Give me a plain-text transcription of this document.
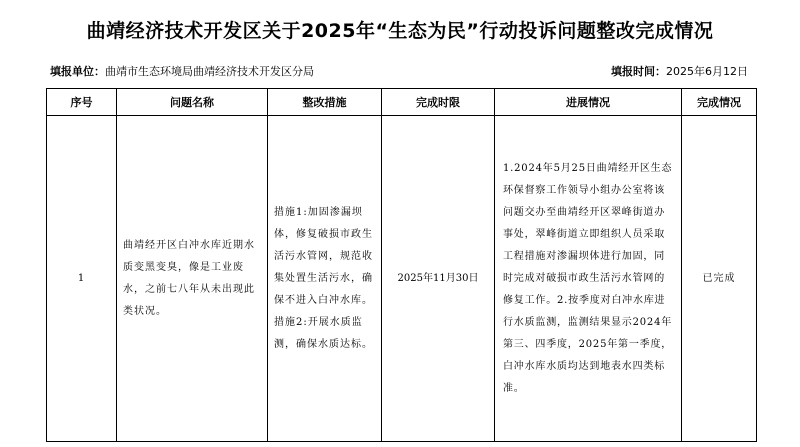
曲靖经济技术开发区关于2025年“生态为民”行动投诉问题整改完成情况
填报单位：曲靖市生态环境局曲靖经济技术开发区分局	填报时间：2025年6月12日
序号	问题名称	整改措施	完成时限	进展情况	完成情况

1	曲靖经开区白冲水库近期水质变黑变臭，像是工业废水，之前七八年从未出现此类状况。	措施1:加固渗漏坝体，修复破损市政生活污水管网，规范收集处置生活污水，确保不进入白冲水库。措施2:开展水质监测，确保水质达标。	2025年11月30日	1.2024年5月25日曲靖经开区生态环保督察工作领导小组办公室将该问题交办至曲靖经开区翠峰街道办事处，翠峰街道立即组织人员采取工程措施对渗漏坝体进行加固，同时完成对破损市政生活污水管网的修复工作。2.按季度对白冲水库进行水质监测，监测结果显示2024年第三、四季度，2025年第一季度，白冲水库水质均达到地表水四类标准。	已完成
